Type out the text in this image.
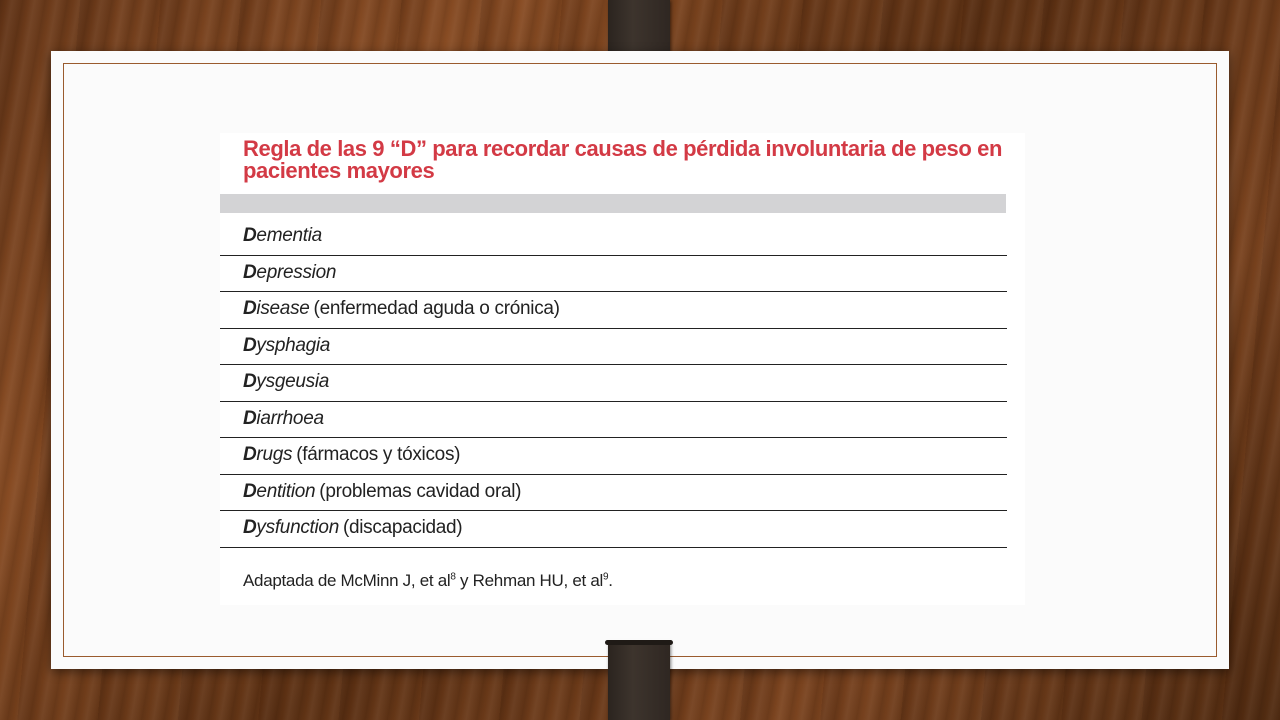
Regla de las 9 “D” para recordar causas de pérdida involuntaria de peso en pacientes mayores
Dementia
Depression
Disease (enfermedad aguda o crónica)
Dysphagia
Dysgeusia
Diarrhoea
Drugs (fármacos y tóxicos)
Dentition (problemas cavidad oral)
Dysfunction (discapacidad)
Adaptada de McMinn J, et $al^8$ y Rehman HU, et $al^9$.
